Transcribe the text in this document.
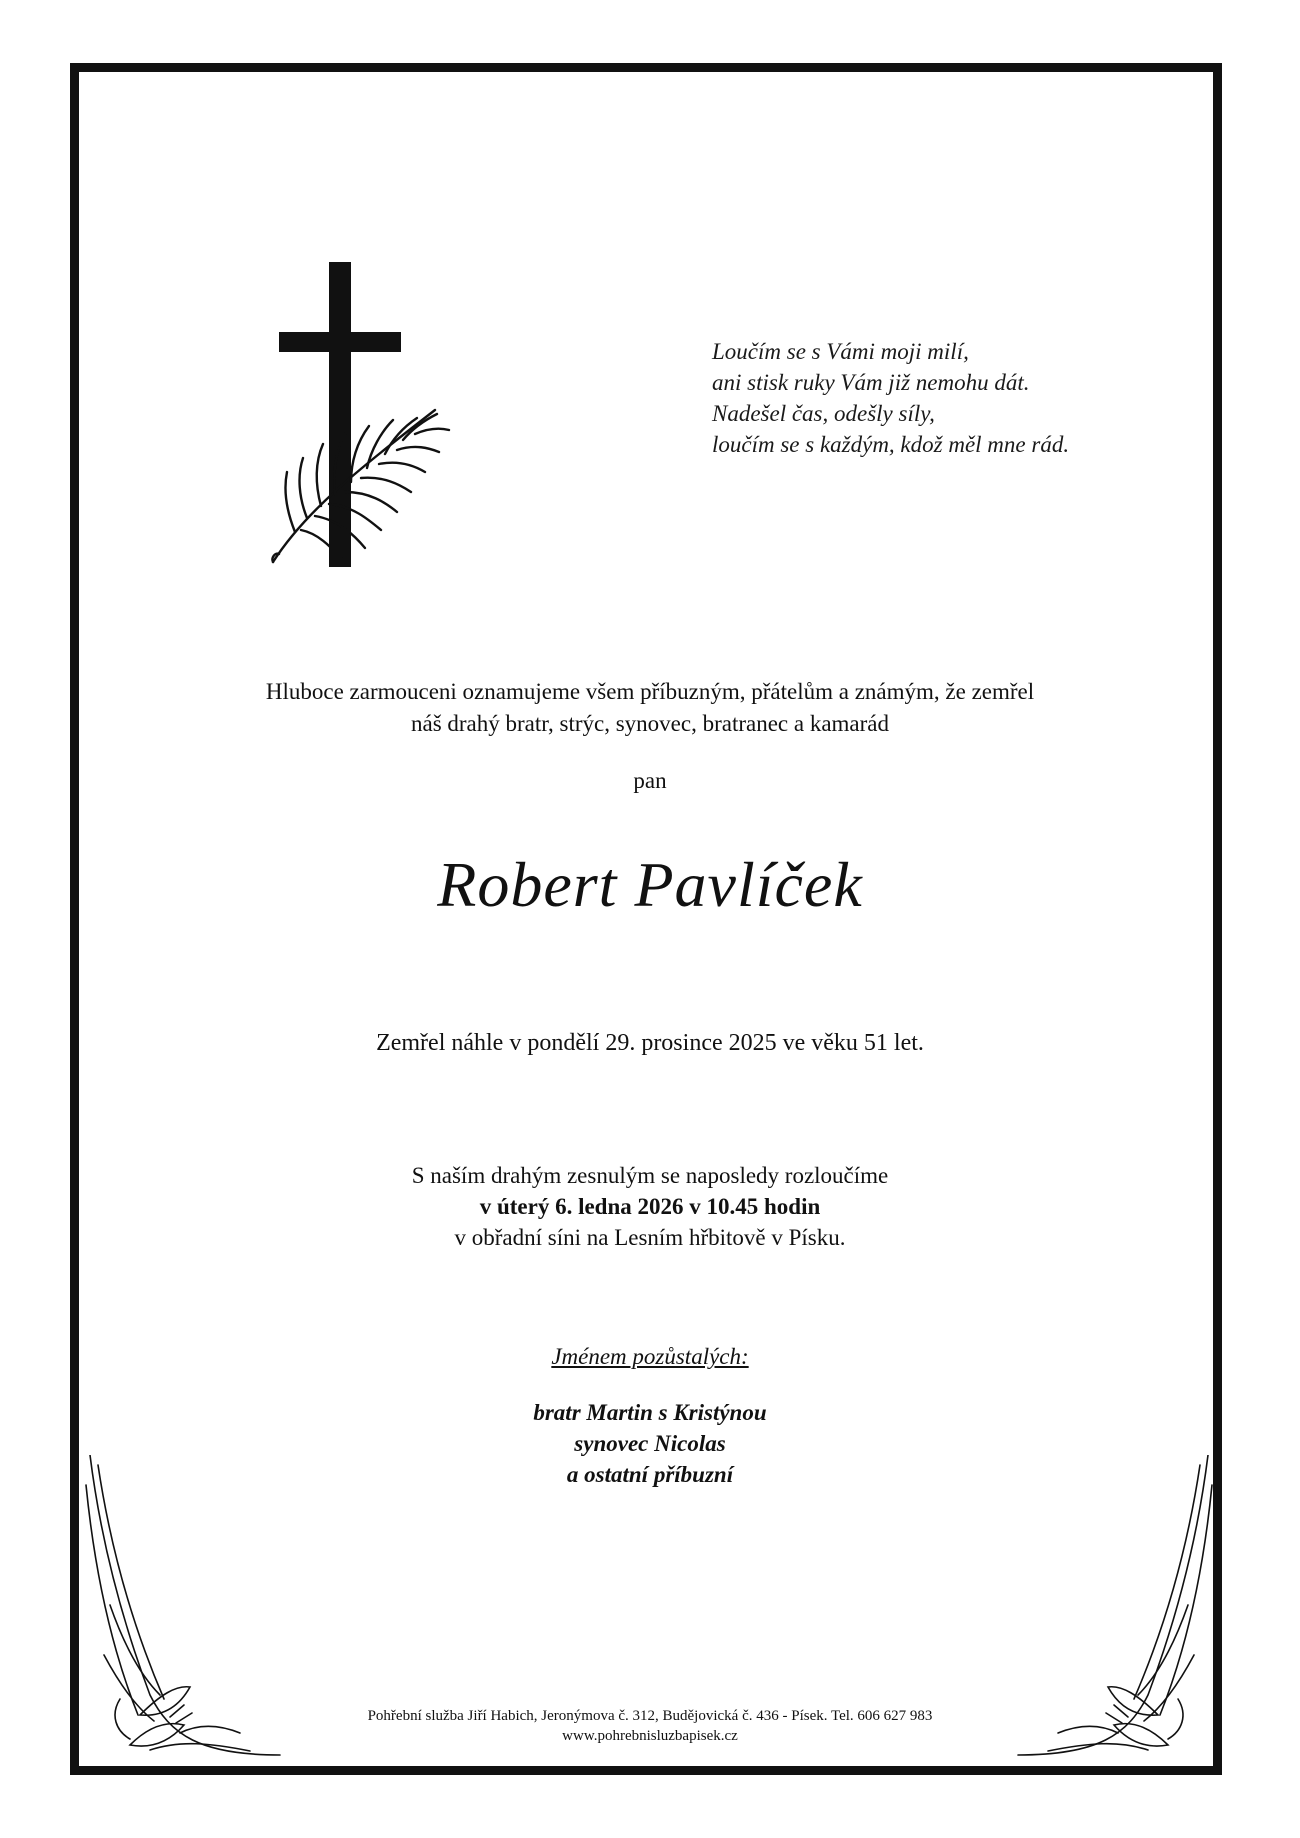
Loučím se s Vámi moji milí,
ani stisk ruky Vám již nemohu dát.
Nadešel čas, odešly síly,
loučím se s každým, kdož měl mne rád.
Hluboce zarmouceni oznamujeme všem příbuzným, přátelům a známým, že zemřel
náš drahý bratr, strýc, synovec, bratranec a kamarád
pan
Robert Pavlíček
Zemřel náhle v pondělí 29. prosince 2025 ve věku 51 let.
S naším drahým zesnulým se naposledy rozloučíme
v úterý 6. ledna 2026 v 10.45 hodin
v obřadní síni na Lesním hřbitově v Písku.
Jménem pozůstalých:
bratr Martin s Kristýnou
synovec Nicolas
a ostatní příbuzní
Pohřební služba Jiří Habich, Jeronýmova č. 312, Budějovická č. 436 - Písek. Tel. 606 627 983
www.pohrebnisluzbapisek.cz
